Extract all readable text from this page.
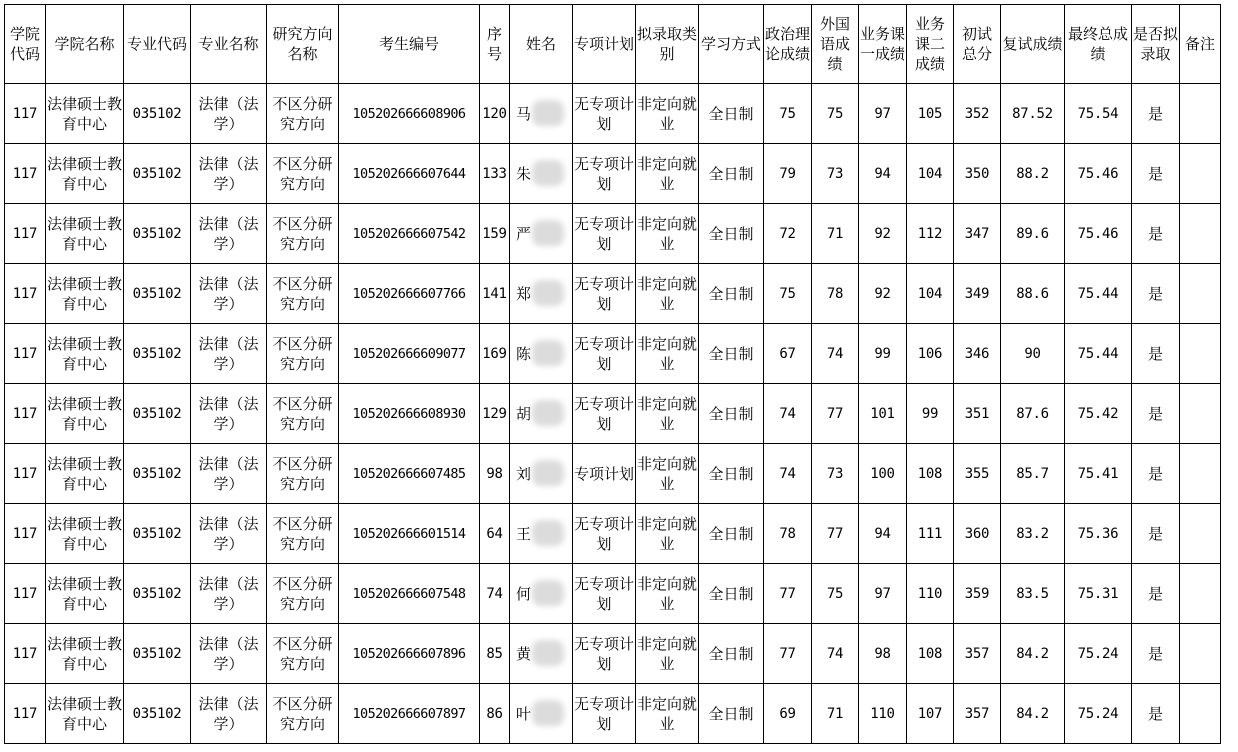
学院代码	学院名称	专业代码	专业名称	研究方向名称	考生编号	序号	姓名	专项计划	拟录取类别	学习方式	政治理论成绩	外国语成绩	业务课一成绩	业务课二成绩	初试总分	复试成绩	最终总成绩	是否拟录取	备注
117	法律硕士教育中心	035102	法律（法学）	不区分研究方向	105202666608906	120	马	无专项计划	非定向就业	全日制	75	75	97	105	352	87.52	75.54	是	
117	法律硕士教育中心	035102	法律（法学）	不区分研究方向	105202666607644	133	朱	无专项计划	非定向就业	全日制	79	73	94	104	350	88.2	75.46	是	
117	法律硕士教育中心	035102	法律（法学）	不区分研究方向	105202666607542	159	严	无专项计划	非定向就业	全日制	72	71	92	112	347	89.6	75.46	是	
117	法律硕士教育中心	035102	法律（法学）	不区分研究方向	105202666607766	141	郑	无专项计划	非定向就业	全日制	75	78	92	104	349	88.6	75.44	是	
117	法律硕士教育中心	035102	法律（法学）	不区分研究方向	105202666609077	169	陈	无专项计划	非定向就业	全日制	67	74	99	106	346	90	75.44	是	
117	法律硕士教育中心	035102	法律（法学）	不区分研究方向	105202666608930	129	胡	无专项计划	非定向就业	全日制	74	77	101	99	351	87.6	75.42	是	
117	法律硕士教育中心	035102	法律（法学）	不区分研究方向	105202666607485	98	刘	专项计划	非定向就业	全日制	74	73	100	108	355	85.7	75.41	是	
117	法律硕士教育中心	035102	法律（法学）	不区分研究方向	105202666601514	64	王	无专项计划	非定向就业	全日制	78	77	94	111	360	83.2	75.36	是	
117	法律硕士教育中心	035102	法律（法学）	不区分研究方向	105202666607548	74	何	无专项计划	非定向就业	全日制	77	75	97	110	359	83.5	75.31	是	
117	法律硕士教育中心	035102	法律（法学）	不区分研究方向	105202666607896	85	黄	无专项计划	非定向就业	全日制	77	74	98	108	357	84.2	75.24	是	
117	法律硕士教育中心	035102	法律（法学）	不区分研究方向	105202666607897	86	叶	无专项计划	非定向就业	全日制	69	71	110	107	357	84.2	75.24	是	
